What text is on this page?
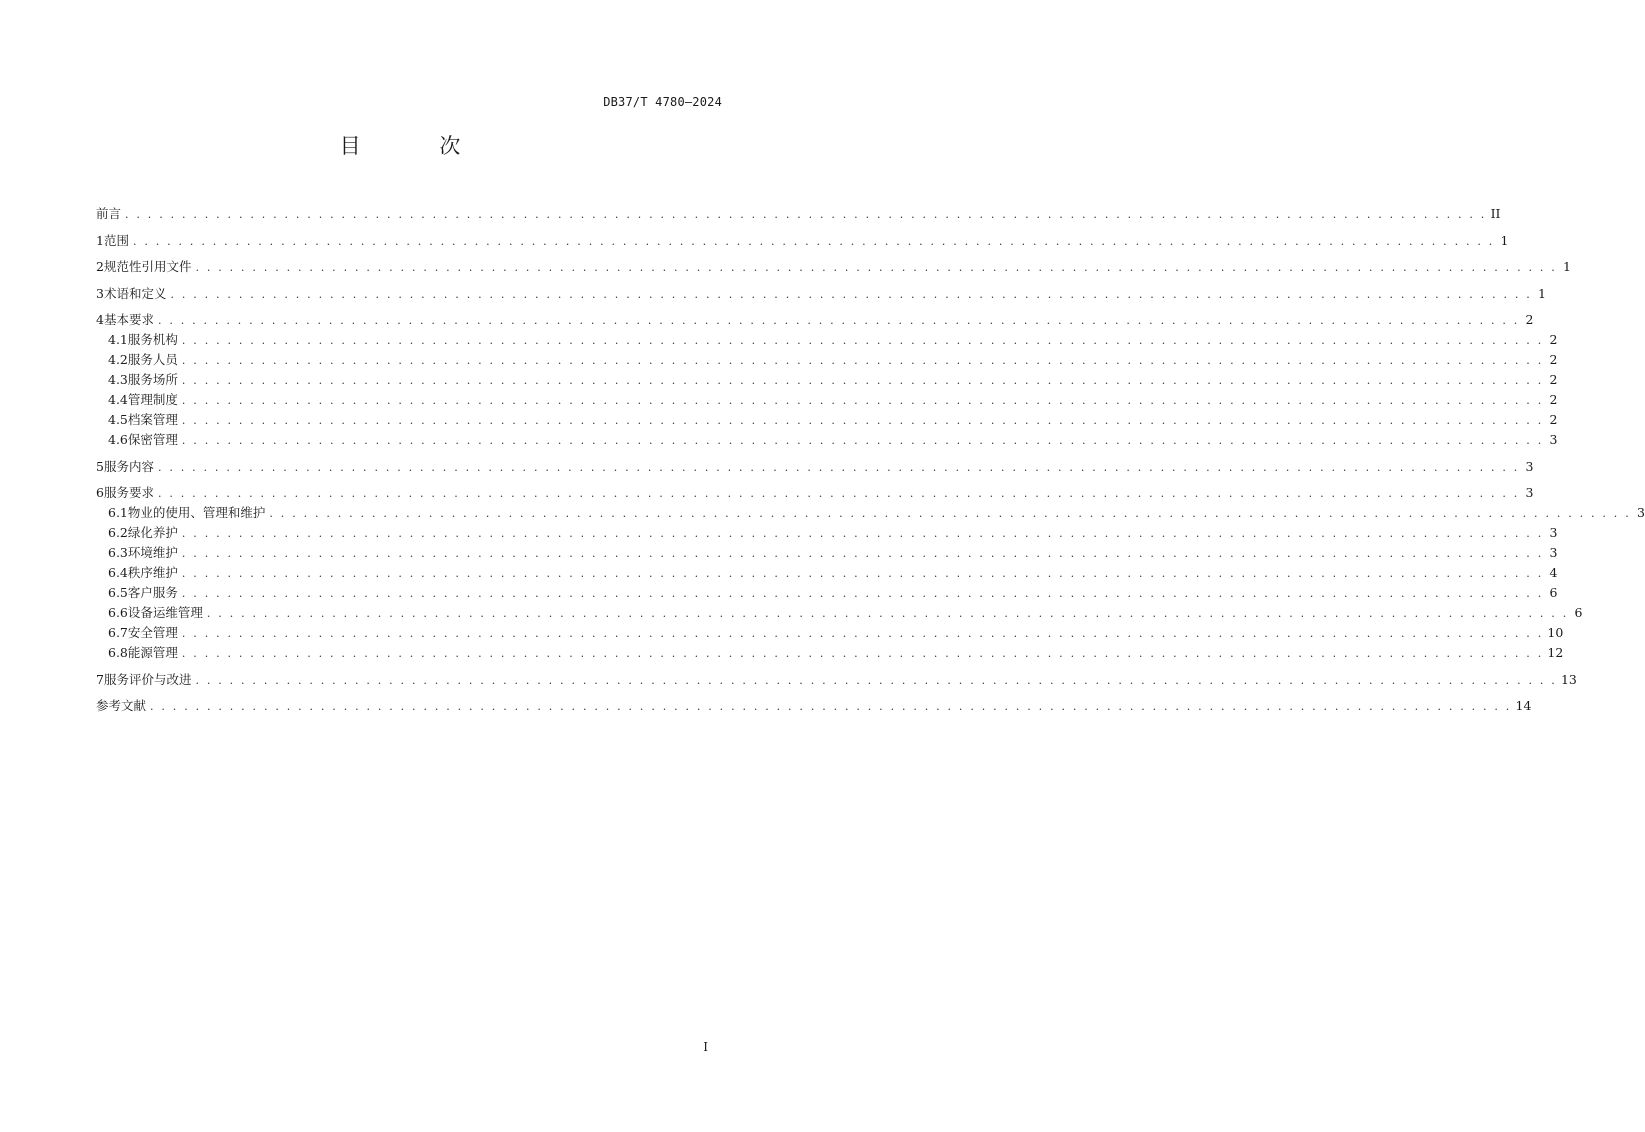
DB37/T 4780—2024
目 次
前言 . . . . . . . . . . . . . . . . . . . . . . . . . . . . . . . . . . . . . . . . . . . . . . . . . . . . . . . . . . . . . . . . . . . . . . . . . . . . . . . . . . . . . . . . . . . . . . . . . . . . . . . . . . . . . . . . . . . . . . . . II
1 范围 . . . . . . . . . . . . . . . . . . . . . . . . . . . . . . . . . . . . . . . . . . . . . . . . . . . . . . . . . . . . . . . . . . . . . . . . . . . . . . . . . . . . . . . . . . . . . . . . . . . . . . . . . . . . . . . . . . . . . . . . 1
2 规范性引用文件 . . . . . . . . . . . . . . . . . . . . . . . . . . . . . . . . . . . . . . . . . . . . . . . . . . . . . . . . . . . . . . . . . . . . . . . . . . . . . . . . . . . . . . . . . . . . . . . . . . . . . . . . . . . . . . . . . . . . . . . . 1
3 术语和定义 . . . . . . . . . . . . . . . . . . . . . . . . . . . . . . . . . . . . . . . . . . . . . . . . . . . . . . . . . . . . . . . . . . . . . . . . . . . . . . . . . . . . . . . . . . . . . . . . . . . . . . . . . . . . . . . . . . . . . . . . 1
4 基本要求 . . . . . . . . . . . . . . . . . . . . . . . . . . . . . . . . . . . . . . . . . . . . . . . . . . . . . . . . . . . . . . . . . . . . . . . . . . . . . . . . . . . . . . . . . . . . . . . . . . . . . . . . . . . . . . . . . . . . . . . . 2
4.1 服务机构 . . . . . . . . . . . . . . . . . . . . . . . . . . . . . . . . . . . . . . . . . . . . . . . . . . . . . . . . . . . . . . . . . . . . . . . . . . . . . . . . . . . . . . . . . . . . . . . . . . . . . . . . . . . . . . . . . . . . . . . . 2
4.2 服务人员 . . . . . . . . . . . . . . . . . . . . . . . . . . . . . . . . . . . . . . . . . . . . . . . . . . . . . . . . . . . . . . . . . . . . . . . . . . . . . . . . . . . . . . . . . . . . . . . . . . . . . . . . . . . . . . . . . . . . . . . . 2
4.3 服务场所 . . . . . . . . . . . . . . . . . . . . . . . . . . . . . . . . . . . . . . . . . . . . . . . . . . . . . . . . . . . . . . . . . . . . . . . . . . . . . . . . . . . . . . . . . . . . . . . . . . . . . . . . . . . . . . . . . . . . . . . . 2
4.4 管理制度 . . . . . . . . . . . . . . . . . . . . . . . . . . . . . . . . . . . . . . . . . . . . . . . . . . . . . . . . . . . . . . . . . . . . . . . . . . . . . . . . . . . . . . . . . . . . . . . . . . . . . . . . . . . . . . . . . . . . . . . . 2
4.5 档案管理 . . . . . . . . . . . . . . . . . . . . . . . . . . . . . . . . . . . . . . . . . . . . . . . . . . . . . . . . . . . . . . . . . . . . . . . . . . . . . . . . . . . . . . . . . . . . . . . . . . . . . . . . . . . . . . . . . . . . . . . . 2
4.6 保密管理 . . . . . . . . . . . . . . . . . . . . . . . . . . . . . . . . . . . . . . . . . . . . . . . . . . . . . . . . . . . . . . . . . . . . . . . . . . . . . . . . . . . . . . . . . . . . . . . . . . . . . . . . . . . . . . . . . . . . . . . . 3
5 服务内容 . . . . . . . . . . . . . . . . . . . . . . . . . . . . . . . . . . . . . . . . . . . . . . . . . . . . . . . . . . . . . . . . . . . . . . . . . . . . . . . . . . . . . . . . . . . . . . . . . . . . . . . . . . . . . . . . . . . . . . . . 3
6 服务要求 . . . . . . . . . . . . . . . . . . . . . . . . . . . . . . . . . . . . . . . . . . . . . . . . . . . . . . . . . . . . . . . . . . . . . . . . . . . . . . . . . . . . . . . . . . . . . . . . . . . . . . . . . . . . . . . . . . . . . . . . 3
6.1 物业的使用、管理和维护 . . . . . . . . . . . . . . . . . . . . . . . . . . . . . . . . . . . . . . . . . . . . . . . . . . . . . . . . . . . . . . . . . . . . . . . . . . . . . . . . . . . . . . . . . . . . . . . . . . . . . . . . . . . . . . . . . . . . . . . . 3
6.2 绿化养护 . . . . . . . . . . . . . . . . . . . . . . . . . . . . . . . . . . . . . . . . . . . . . . . . . . . . . . . . . . . . . . . . . . . . . . . . . . . . . . . . . . . . . . . . . . . . . . . . . . . . . . . . . . . . . . . . . . . . . . . . 3
6.3 环境维护 . . . . . . . . . . . . . . . . . . . . . . . . . . . . . . . . . . . . . . . . . . . . . . . . . . . . . . . . . . . . . . . . . . . . . . . . . . . . . . . . . . . . . . . . . . . . . . . . . . . . . . . . . . . . . . . . . . . . . . . . 3
6.4 秩序维护 . . . . . . . . . . . . . . . . . . . . . . . . . . . . . . . . . . . . . . . . . . . . . . . . . . . . . . . . . . . . . . . . . . . . . . . . . . . . . . . . . . . . . . . . . . . . . . . . . . . . . . . . . . . . . . . . . . . . . . . . 4
6.5 客户服务 . . . . . . . . . . . . . . . . . . . . . . . . . . . . . . . . . . . . . . . . . . . . . . . . . . . . . . . . . . . . . . . . . . . . . . . . . . . . . . . . . . . . . . . . . . . . . . . . . . . . . . . . . . . . . . . . . . . . . . . . 6
6.6 设备运维管理 . . . . . . . . . . . . . . . . . . . . . . . . . . . . . . . . . . . . . . . . . . . . . . . . . . . . . . . . . . . . . . . . . . . . . . . . . . . . . . . . . . . . . . . . . . . . . . . . . . . . . . . . . . . . . . . . . . . . . . . . 6
6.7 安全管理 . . . . . . . . . . . . . . . . . . . . . . . . . . . . . . . . . . . . . . . . . . . . . . . . . . . . . . . . . . . . . . . . . . . . . . . . . . . . . . . . . . . . . . . . . . . . . . . . . . . . . . . . . . . . . . . . . . . . . . . . 10
6.8 能源管理 . . . . . . . . . . . . . . . . . . . . . . . . . . . . . . . . . . . . . . . . . . . . . . . . . . . . . . . . . . . . . . . . . . . . . . . . . . . . . . . . . . . . . . . . . . . . . . . . . . . . . . . . . . . . . . . . . . . . . . . . 12
7 服务评价与改进 . . . . . . . . . . . . . . . . . . . . . . . . . . . . . . . . . . . . . . . . . . . . . . . . . . . . . . . . . . . . . . . . . . . . . . . . . . . . . . . . . . . . . . . . . . . . . . . . . . . . . . . . . . . . . . . . . . . . . . . . 13
参考文献 . . . . . . . . . . . . . . . . . . . . . . . . . . . . . . . . . . . . . . . . . . . . . . . . . . . . . . . . . . . . . . . . . . . . . . . . . . . . . . . . . . . . . . . . . . . . . . . . . . . . . . . . . . . . . . . . . . . . . . . . 14
I
